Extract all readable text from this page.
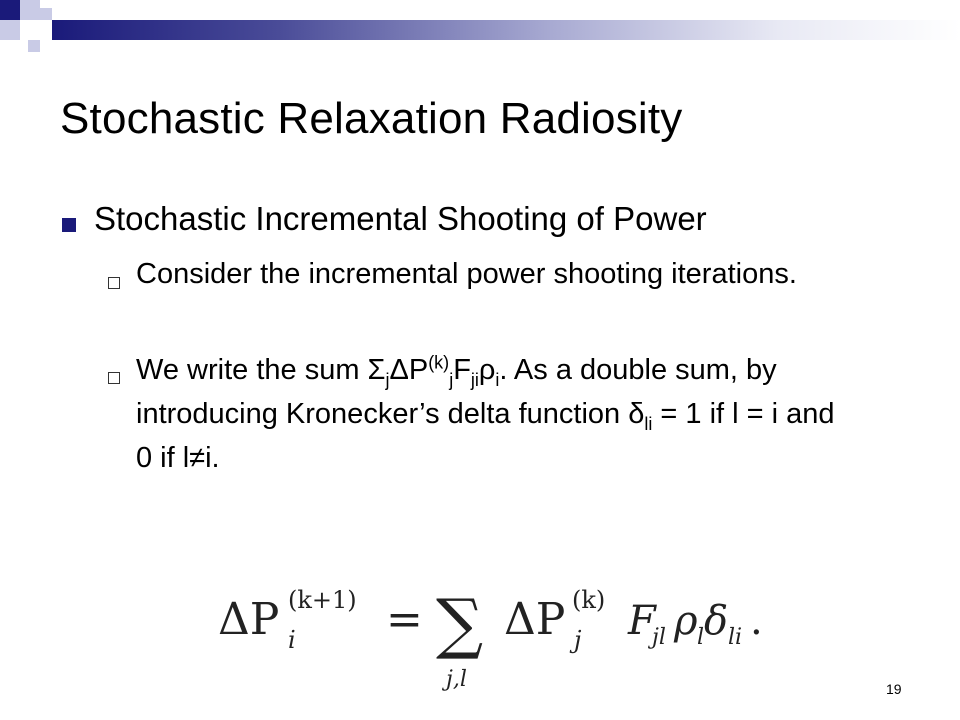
Stochastic Relaxation Radiosity
Stochastic Incremental Shooting of Power
Consider the incremental power shooting iterations.
We write the sum $\Sigma_j\Delta P^{(k)}_jF_{ji}\rho_i$. As a double sum, by introducing Kronecker’s delta function $\delta_{li} = 1$ if l = i and 0 if l≠i.
ΔP (k+1)
i = ∑
j,l
ΔP (k)
j F
jl ρ l δ li .
19
